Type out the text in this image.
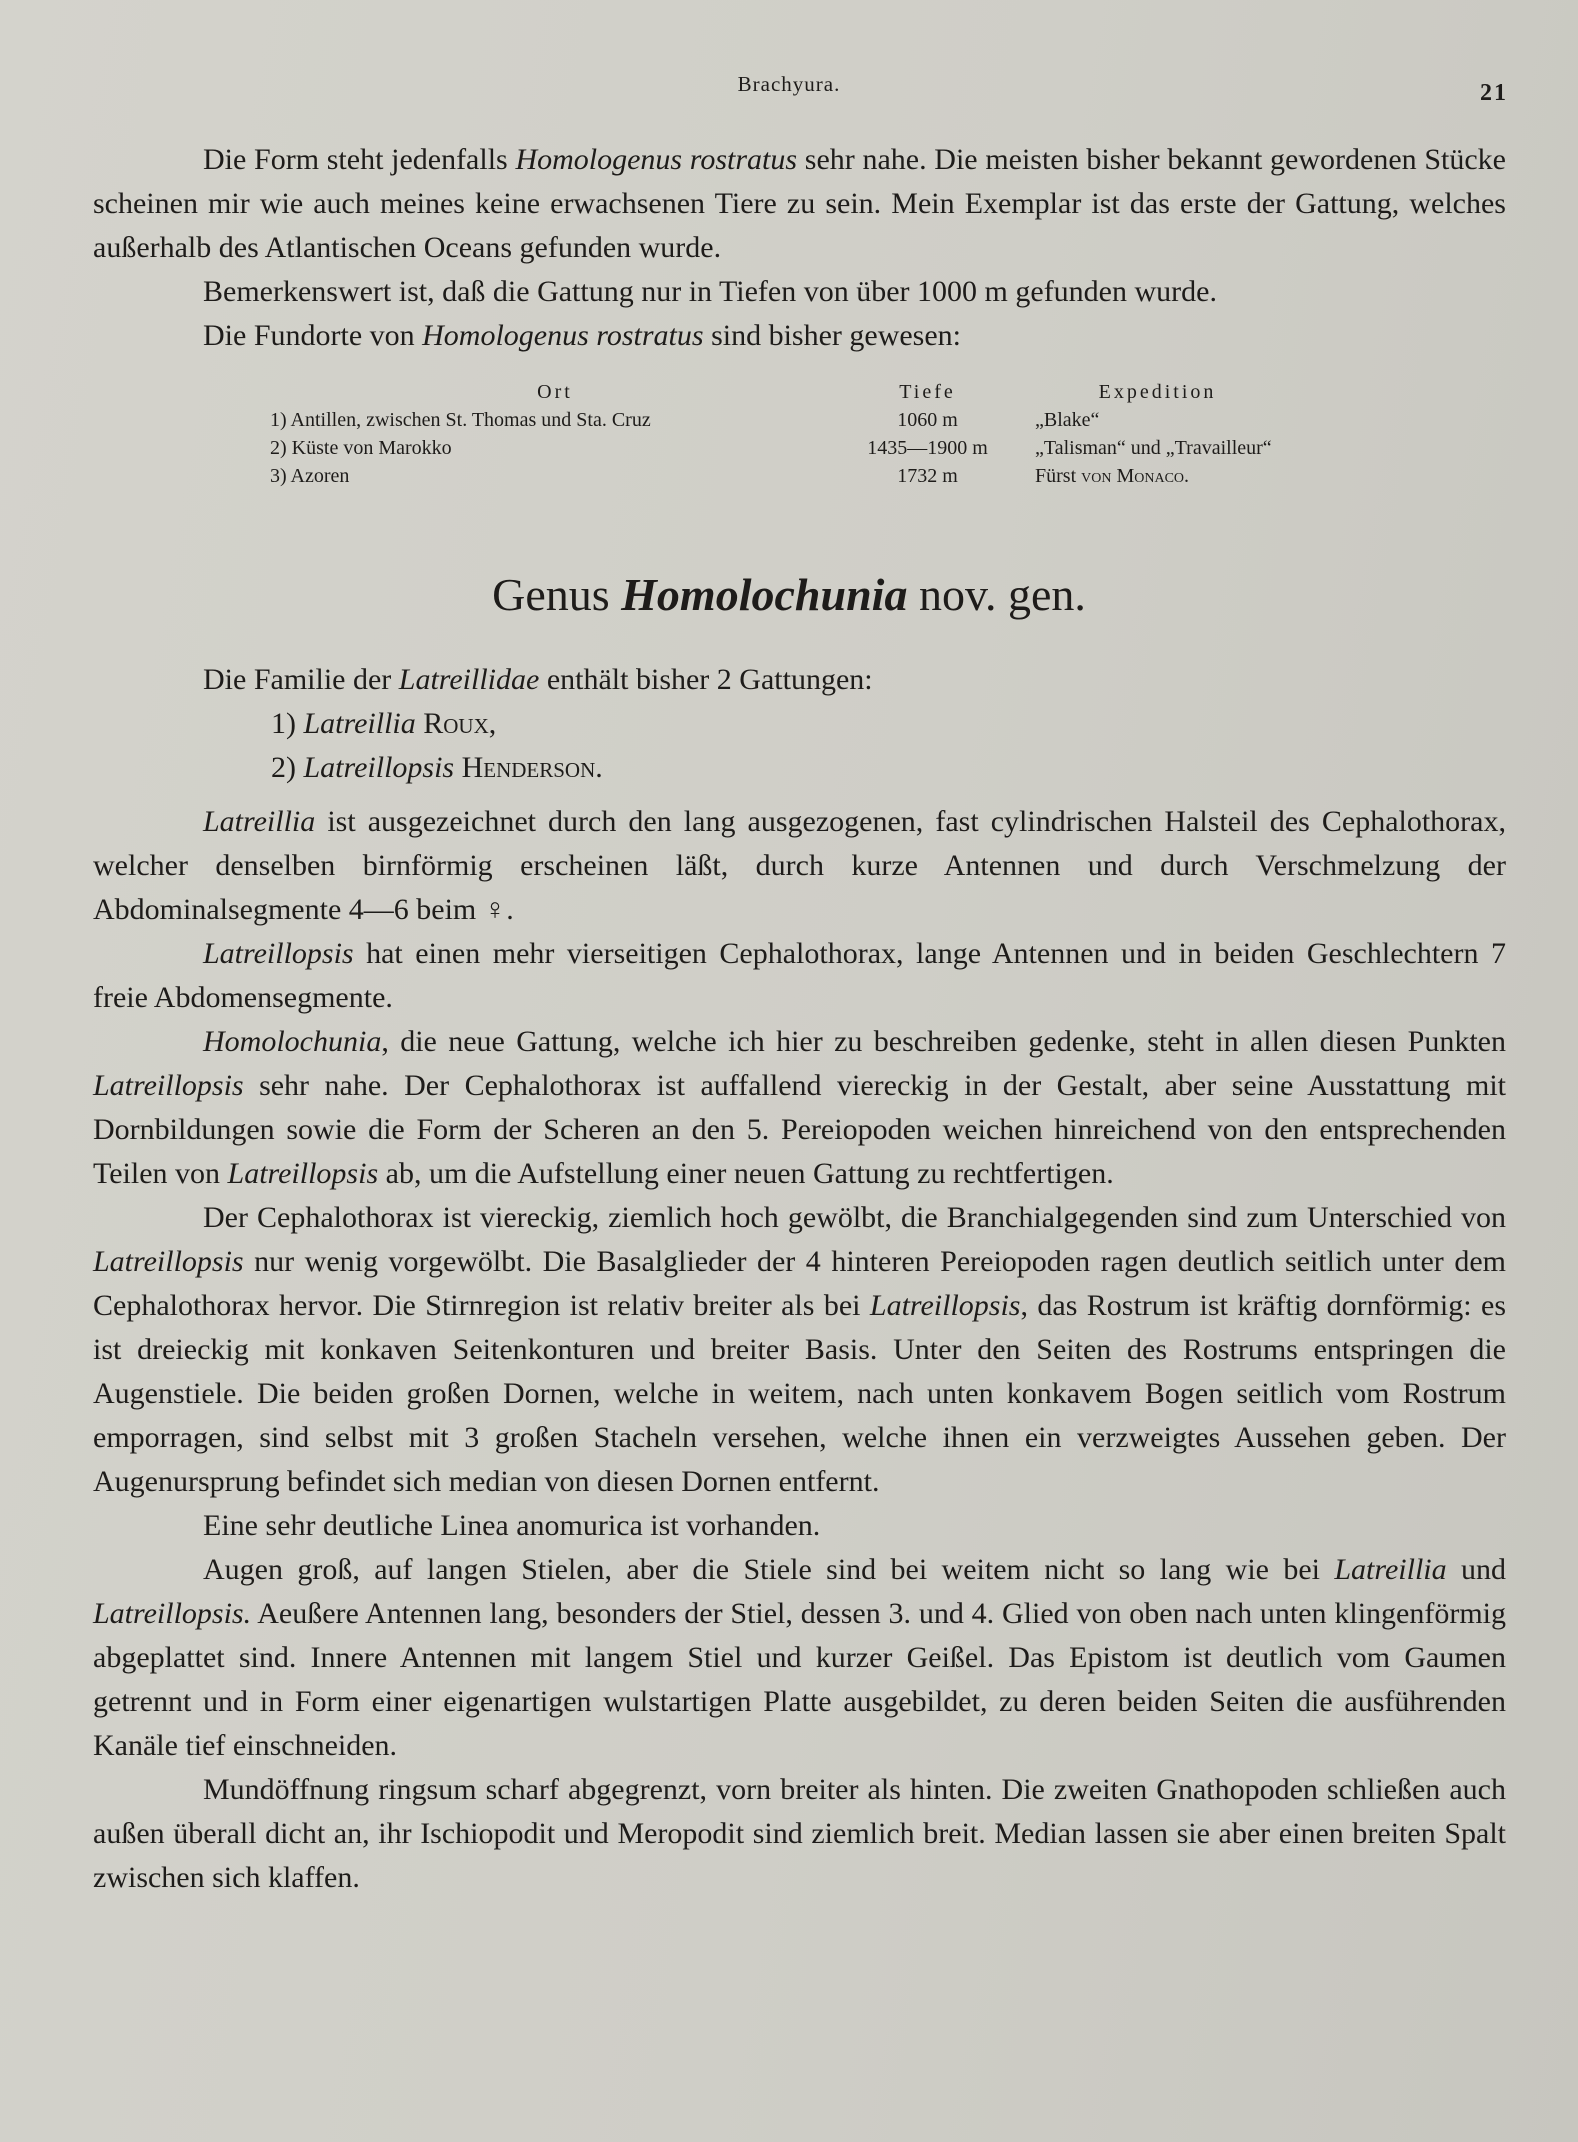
Brachyura.	21

Die Form steht jedenfalls Homologenus rostratus sehr nahe. Die meisten bisher bekannt gewordenen Stücke scheinen mir wie auch meines keine erwachsenen Tiere zu sein. Mein Exemplar ist das erste der Gattung, welches außerhalb des Atlantischen Oceans gefunden wurde.

Bemerkenswert ist, daß die Gattung nur in Tiefen von über 1000 m gefunden wurde.

Die Fundorte von Homologenus rostratus sind bisher gewesen:

Ort	Tiefe	Expedition
1) Antillen, zwischen St. Thomas und Sta. Cruz	1060 m	„Blake“
2) Küste von Marokko	1435—1900 m	„Talisman“ und „Travailleur“
3) Azoren	1732 m	Fürst von Monaco.
Genus Homolochunia nov. gen.

Die Familie der Latreillidae enthält bisher 2 Gattungen:

1) Latreillia Roux,
2) Latreillopsis Henderson.

Latreillia ist ausgezeichnet durch den lang ausgezogenen, fast cylindrischen Halsteil des Cephalothorax, welcher denselben birnförmig erscheinen läßt, durch kurze Antennen und durch Verschmelzung der Abdominalsegmente 4—6 beim ♀.

Latreillopsis hat einen mehr vierseitigen Cephalothorax, lange Antennen und in beiden Geschlechtern 7 freie Abdomensegmente.

Homolochunia, die neue Gattung, welche ich hier zu beschreiben gedenke, steht in allen diesen Punkten Latreillopsis sehr nahe. Der Cephalothorax ist auffallend viereckig in der Gestalt, aber seine Ausstattung mit Dornbildungen sowie die Form der Scheren an den 5. Pereiopoden weichen hinreichend von den entsprechenden Teilen von Latreillopsis ab, um die Aufstellung einer neuen Gattung zu rechtfertigen.

Der Cephalothorax ist viereckig, ziemlich hoch gewölbt, die Branchialgegenden sind zum Unterschied von Latreillopsis nur wenig vorgewölbt. Die Basalglieder der 4 hinteren Pereiopoden ragen deutlich seitlich unter dem Cephalothorax hervor. Die Stirnregion ist relativ breiter als bei Latreillopsis, das Rostrum ist kräftig dornförmig: es ist dreieckig mit konkaven Seitenkonturen und breiter Basis. Unter den Seiten des Rostrums entspringen die Augenstiele. Die beiden großen Dornen, welche in weitem, nach unten konkavem Bogen seitlich vom Rostrum emporragen, sind selbst mit 3 großen Stacheln versehen, welche ihnen ein verzweigtes Aussehen geben. Der Augenursprung befindet sich median von diesen Dornen entfernt.

Eine sehr deutliche Linea anomurica ist vorhanden.

Augen groß, auf langen Stielen, aber die Stiele sind bei weitem nicht so lang wie bei Latreillia und Latreillopsis. Aeußere Antennen lang, besonders der Stiel, dessen 3. und 4. Glied von oben nach unten klingenförmig abgeplattet sind. Innere Antennen mit langem Stiel und kurzer Geißel. Das Epistom ist deutlich vom Gaumen getrennt und in Form einer eigenartigen wulstartigen Platte ausgebildet, zu deren beiden Seiten die ausführenden Kanäle tief einschneiden.

Mundöffnung ringsum scharf abgegrenzt, vorn breiter als hinten. Die zweiten Gnathopoden schließen auch außen überall dicht an, ihr Ischiopodit und Meropodit sind ziemlich breit. Median lassen sie aber einen breiten Spalt zwischen sich klaffen.
